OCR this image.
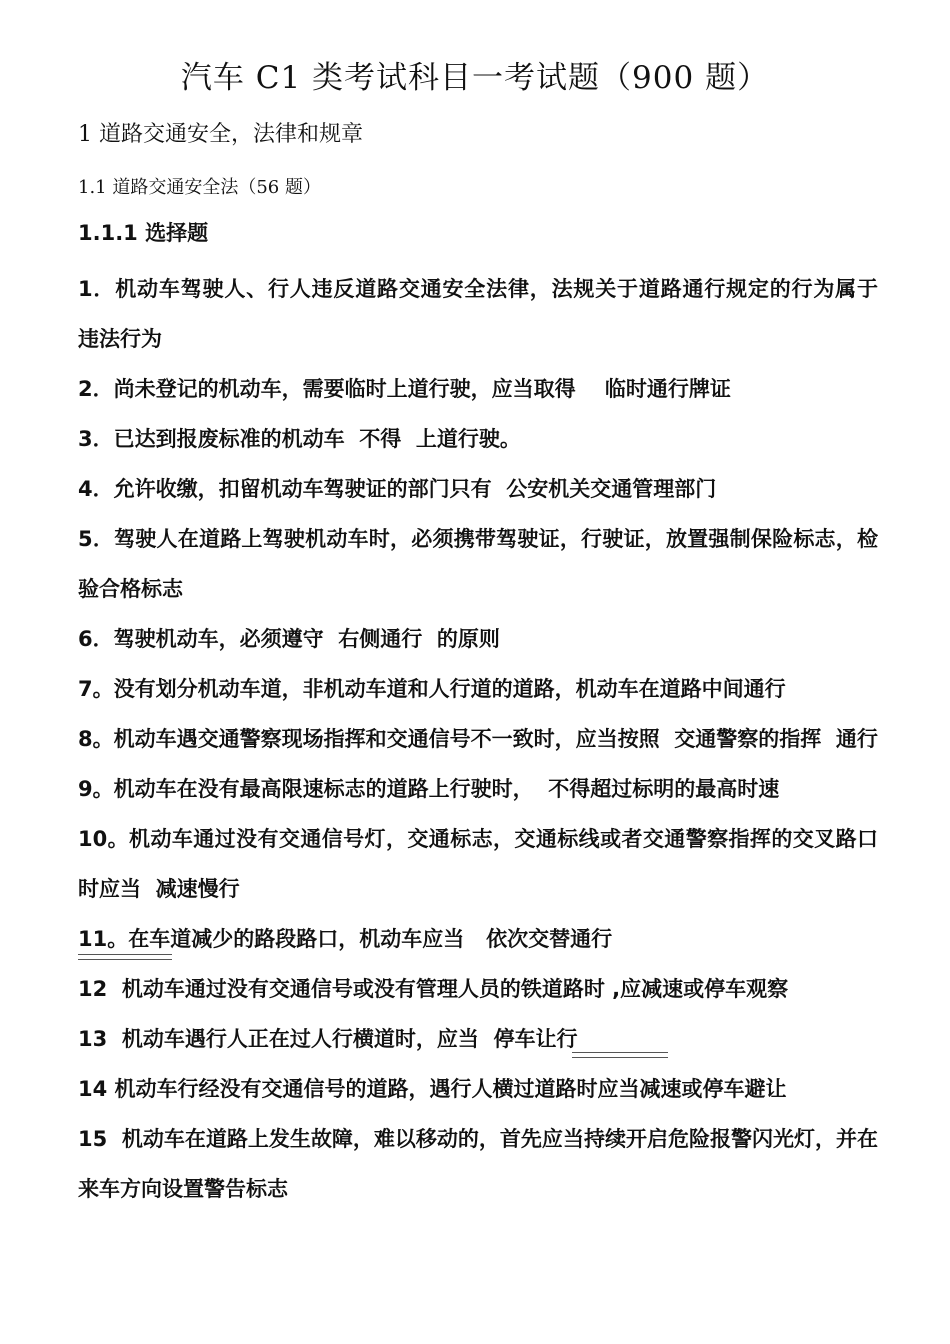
汽车 C1 类考试科目一考试题（900 题）
1 道路交通安全，法律和规章
1.1 道路交通安全法（56 题）
1.1.1 选择题

1．机动车驾驶人、行人违反道路交通安全法律，法规关于道路通行规定的行为属于   违法行为

2．尚未登记的机动车，需要临时上道行驶，应当取得    临时通行牌证

3．已达到报废标准的机动车  不得  上道行驶。

4．允许收缴，扣留机动车驾驶证的部门只有  公安机关交通管理部门

5．驾驶人在道路上驾驶机动车时，必须携带驾驶证，行驶证，放置强制保险标志，检验合格标志

6．驾驶机动车，必须遵守  右侧通行  的原则

7。没有划分机动车道，非机动车道和人行道的道路，机动车在道路中间通行

8。机动车遇交通警察现场指挥和交通信号不一致时，应当按照  交通警察的指挥  通行

9。机动车在没有最高限速标志的道路上行驶时，  不得超过标明的最高时速

10。机动车通过没有交通信号灯，交通标志，交通标线或者交通警察指挥的交叉路口时应当  减速慢行

11。在车道减少的路段路口，机动车应当   依次交替通行

12  机动车通过没有交通信号或没有管理人员的铁道路时 ,应减速或停车观察

13  机动车遇行人正在过人行横道时，应当  停车让行

14 机动车行经没有交通信号的道路，遇行人横过道路时应当减速或停车避让

15  机动车在道路上发生故障，难以移动的，首先应当持续开启危险报警闪光灯，并在来车方向设置警告标志
